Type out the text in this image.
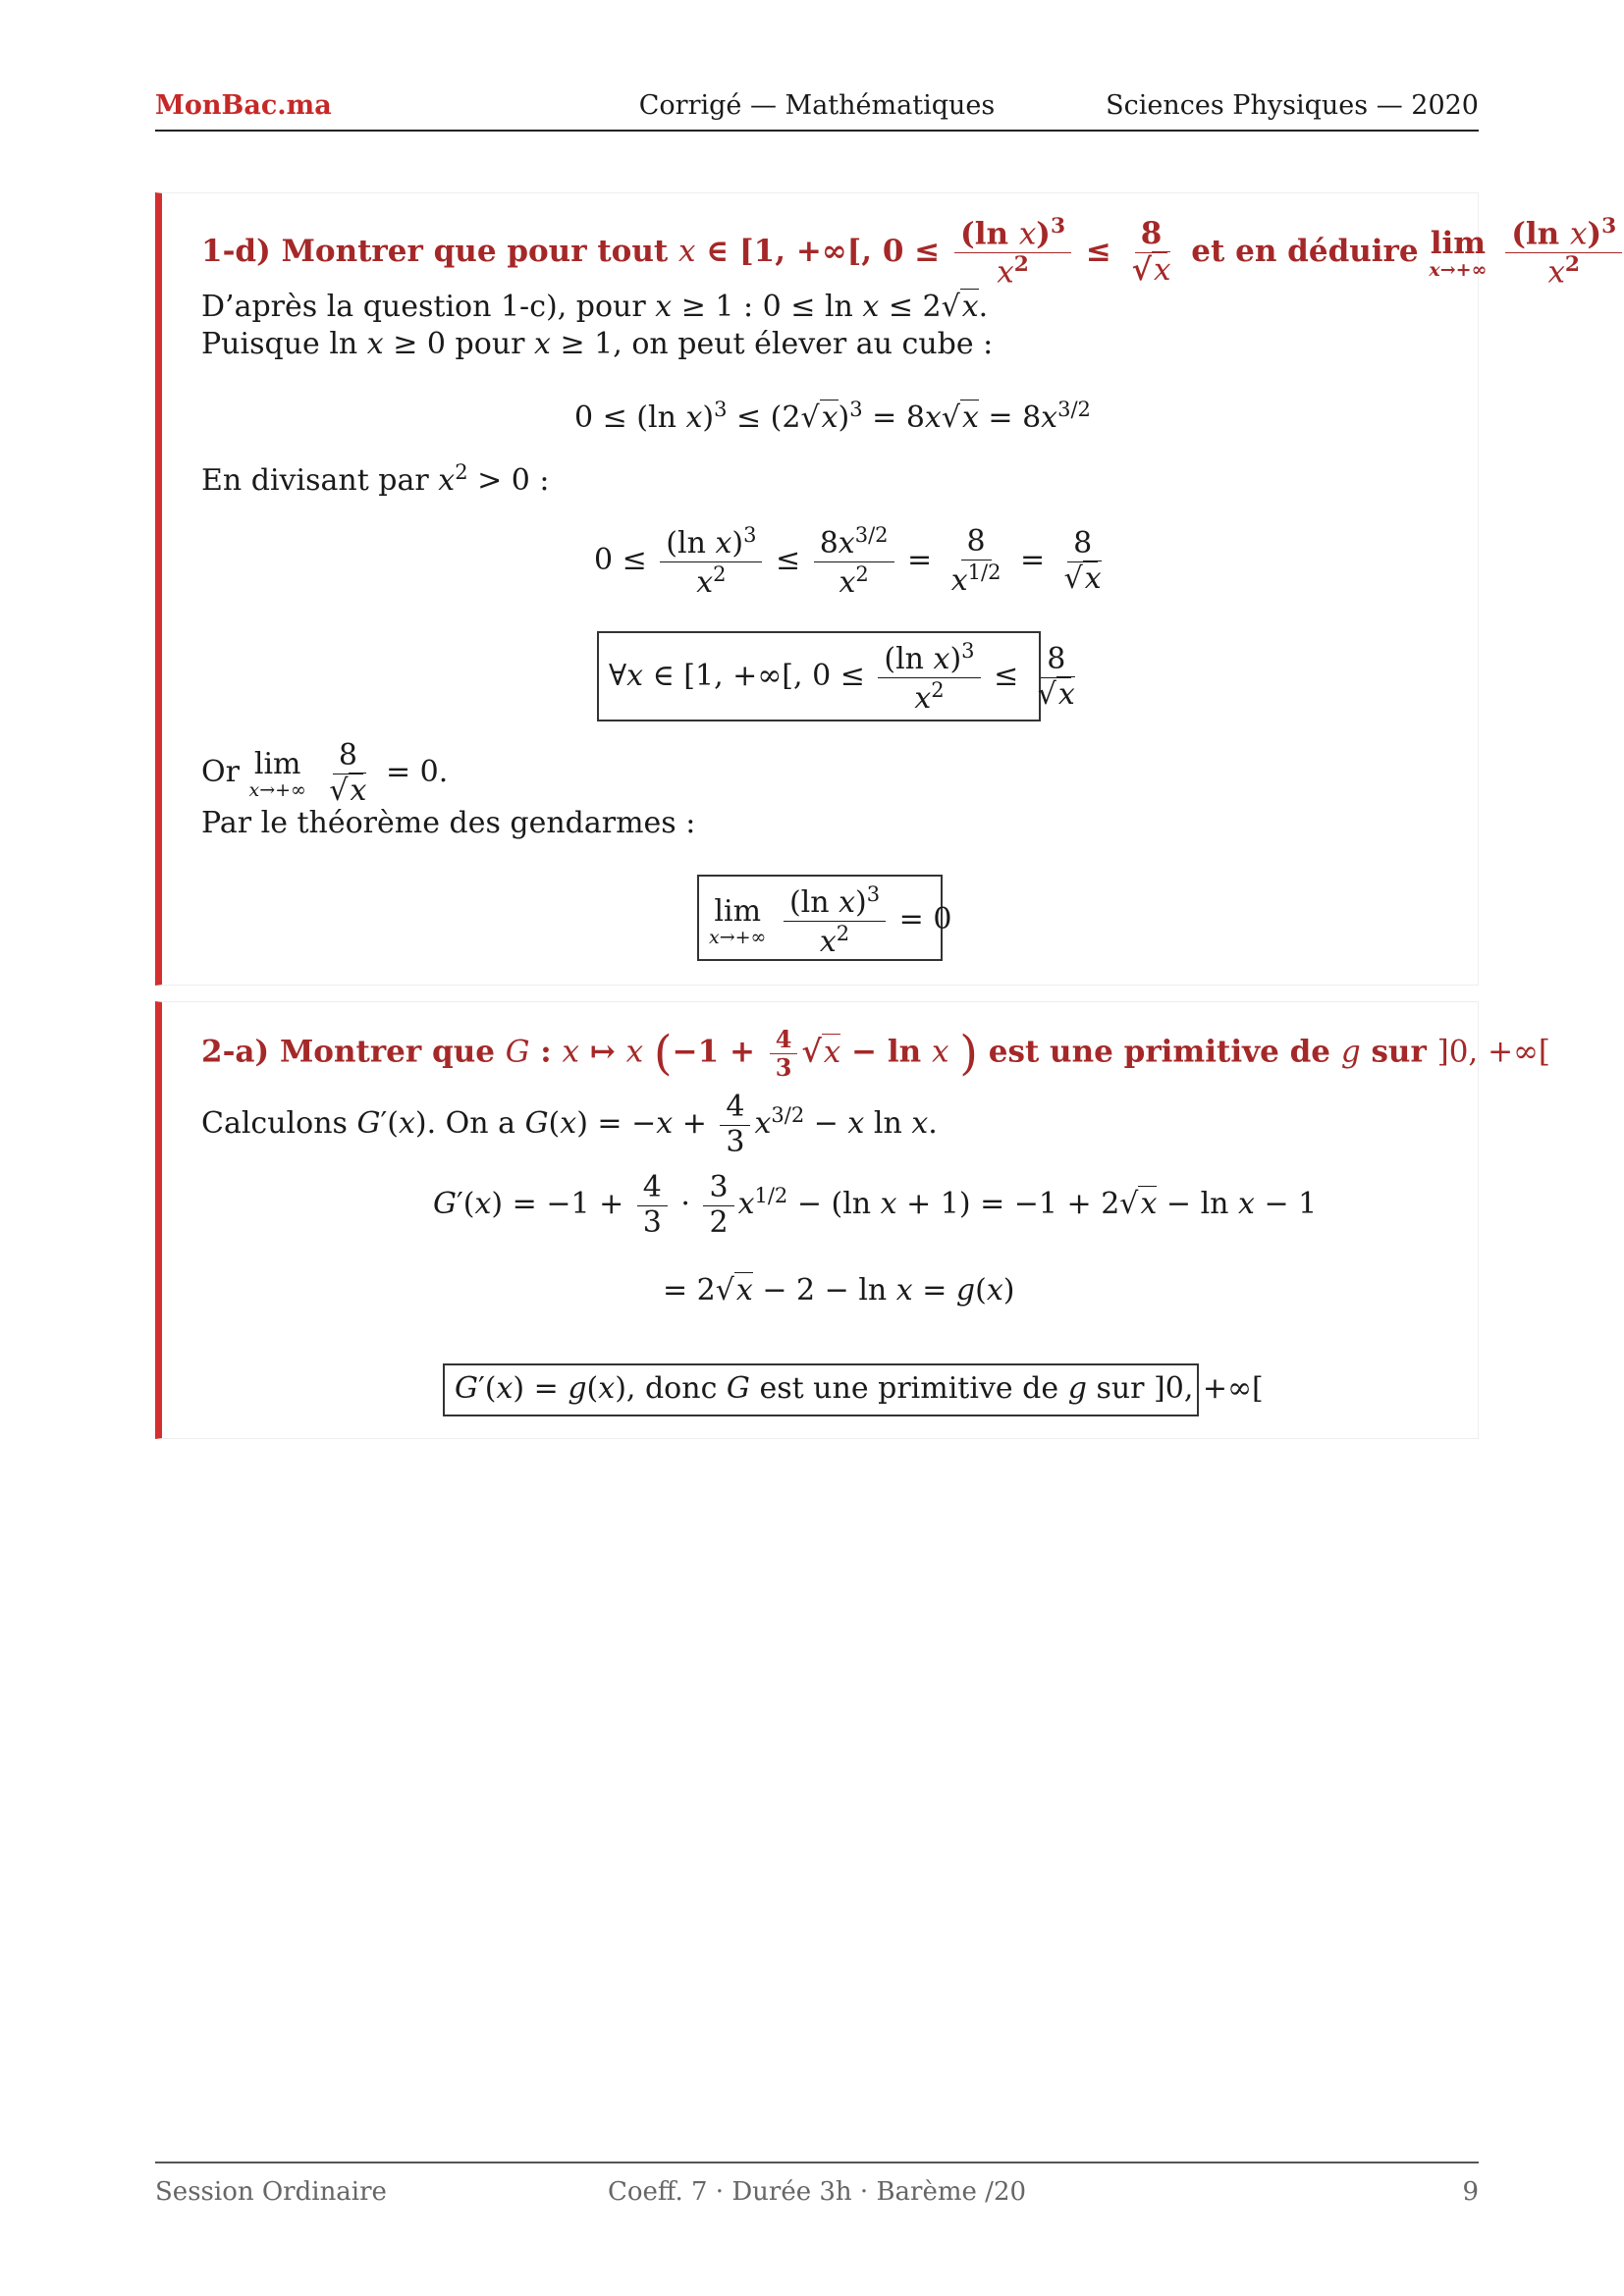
MonBac.ma	Corrigé — Mathématiques	Sciences Physiques — 2020
1-d) Montrer que pour tout x ∈ [1, +∞[, $0 \le \frac{(\ln x)^3}{x^2} \le \frac{8}{√x}$ et en déduire lim
x→+∞
$\frac{(\ln x)^3}{x^2}$
D’après la question 1-c), pour x ≥ 1 : 0 ≤ ln x ≤ 2√x.
Puisque ln x ≥ 0 pour x ≥ 1, on peut élever au cube :
0 ≤ (ln $x)^3 \le (2√x)^3 = 8x√x = 8x^{3/2}$
En divisant par $x^2 > 0$ :
$0 \le \frac{(\ln x)^3}{x^2} \le \frac{8x^{3/2}}{x^2} = \frac{8}{x^{1/2}} = \frac{8}{√x}$
∀x ∈ [1, +∞[, $0 \le \frac{(\ln x)^3}{x^2} \le \frac{8}{√x}$
Or lim
x→+∞
$\frac{8}{√x} = 0$.
Par le théorème des gendarmes :
lim
x→+∞
$\frac{(\ln x)^3}{x^2} = 0$
2-a) Montrer que G : x ↦ x ($-1 + \frac{4}{3} √x - \ln x$ ) est une primitive de g sur ]0, +∞[
Calculons G′(x). On a $G(x) = -x + \frac{4}{3} x^{3/2} - x$ ln x.
$G'(x) = -1 + \frac{4}{3} \cdot \frac{3}{2} x^{1/2} - (\ln$ x + 1) = −1 + 2√x − ln x − 1
= 2√x − 2 − ln x = g(x)
G′(x) = g(x), donc G est une primitive de g sur ]0, +∞[
Session Ordinaire	Coeff. 7 · Durée 3h · Barème /20	9
